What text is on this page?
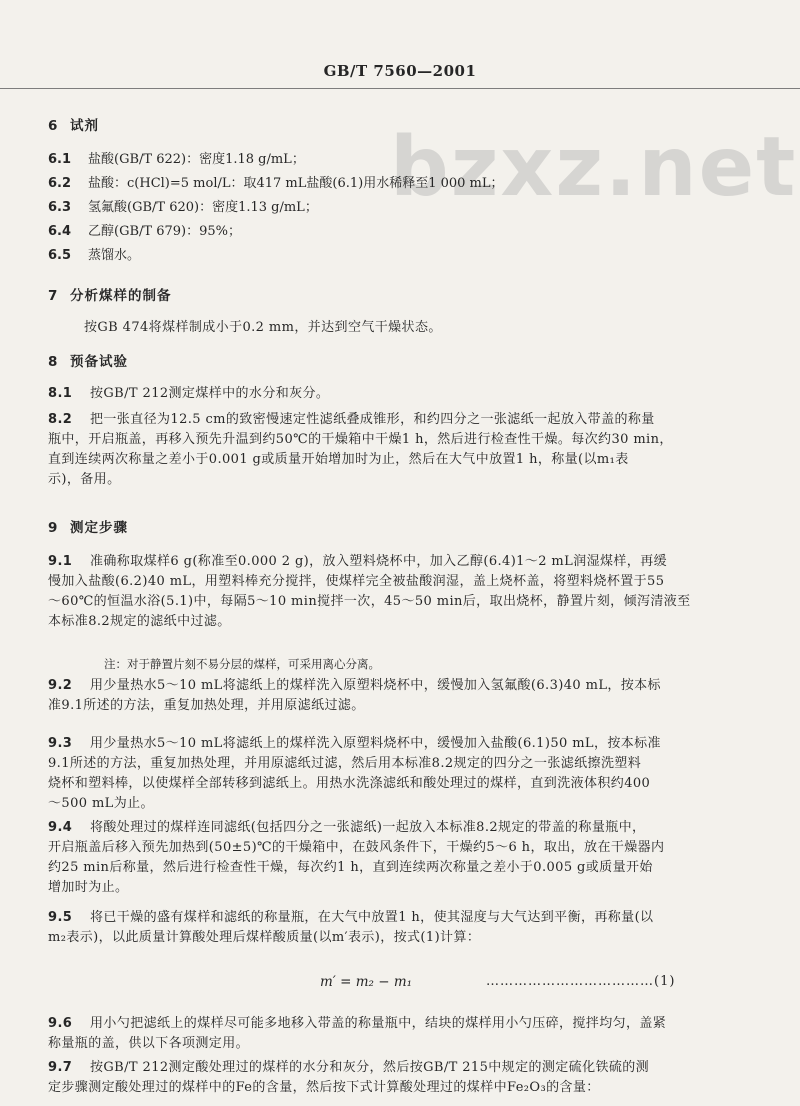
GB/T 7560—2001
bzxz.net
6 试剂
6.1 盐酸(GB/T 622)：密度1.18 g/mL；
6.2 盐酸：c(HCl)=5 mol/L：取417 mL盐酸(6.1)用水稀释至1 000 mL；
6.3 氢氟酸(GB/T 620)：密度1.13 g/mL；
6.4 乙醇(GB/T 679)：95%；
6.5 蒸馏水。
7 分析煤样的制备
按GB 474将煤样制成小于0.2 mm，并达到空气干燥状态。
8 预备试验
8.1 按GB/T 212测定煤样中的水分和灰分。
8.2 把一张直径为12.5 cm的致密慢速定性滤纸叠成锥形，和约四分之一张滤纸一起放入带盖的称量
瓶中，开启瓶盖，再移入预先升温到约50℃的干燥箱中干燥1 h，然后进行检查性干燥。每次约30 min，
直到连续两次称量之差小于0.001 g或质量开始增加时为止，然后在大气中放置1 h，称量(以m₁表
示)，备用。
9 测定步骤
9.1 准确称取煤样6 g(称准至0.000 2 g)，放入塑料烧杯中，加入乙醇(6.4)1～2 mL润湿煤样，再缓
慢加入盐酸(6.2)40 mL，用塑料棒充分搅拌，使煤样完全被盐酸润湿，盖上烧杯盖，将塑料烧杯置于55
～60℃的恒温水浴(5.1)中，每隔5～10 min搅拌一次，45～50 min后，取出烧杯，静置片刻，倾泻清液至
本标准8.2规定的滤纸中过滤。
注：对于静置片刻不易分层的煤样，可采用离心分离。
9.2 用少量热水5～10 mL将滤纸上的煤样洗入原塑料烧杯中，缓慢加入氢氟酸(6.3)40 mL，按本标
准9.1所述的方法，重复加热处理，并用原滤纸过滤。
9.3 用少量热水5～10 mL将滤纸上的煤样洗入原塑料烧杯中，缓慢加入盐酸(6.1)50 mL，按本标准
9.1所述的方法，重复加热处理，并用原滤纸过滤，然后用本标准8.2规定的四分之一张滤纸擦洗塑料
烧杯和塑料棒，以使煤样全部转移到滤纸上。用热水洗涤滤纸和酸处理过的煤样，直到洗液体积约400
～500 mL为止。
9.4 将酸处理过的煤样连同滤纸(包括四分之一张滤纸)一起放入本标准8.2规定的带盖的称量瓶中，
开启瓶盖后移入预先加热到(50±5)℃的干燥箱中，在鼓风条件下，干燥约5～6 h，取出，放在干燥器内
约25 min后称量，然后进行检查性干燥，每次约1 h，直到连续两次称量之差小于0.005 g或质量开始
增加时为止。
9.5 将已干燥的盛有煤样和滤纸的称量瓶，在大气中放置1 h，使其湿度与大气达到平衡，再称量(以
m₂表示)，以此质量计算酸处理后煤样酸质量(以m′表示)，按式(1)计算：
m′ = m₂ − m₁	………………………………(1)
9.6 用小勺把滤纸上的煤样尽可能多地移入带盖的称量瓶中，结块的煤样用小勺压碎，搅拌均匀，盖紧
称量瓶的盖，供以下各项测定用。
9.7 按GB/T 212测定酸处理过的煤样的水分和灰分，然后按GB/T 215中规定的测定硫化铁硫的测
定步骤测定酸处理过的煤样中的Fe的含量，然后按下式计算酸处理过的煤样中Fe₂O₃的含量：
